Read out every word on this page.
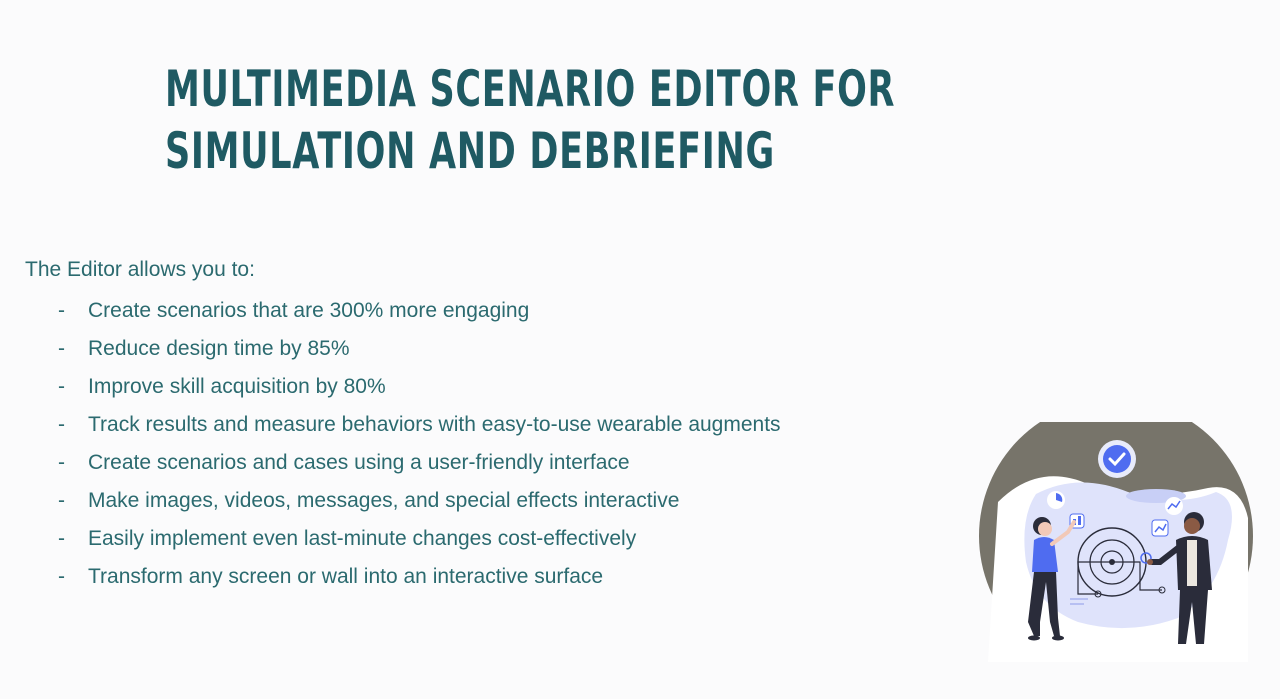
MULTIMEDIA SCENARIO EDITOR FOR
SIMULATION AND DEBRIEFING
The Editor allows you to:
- Create scenarios that are 300% more engaging
- Reduce design time by 85%
- Improve skill acquisition by 80%
- Track results and measure behaviors with easy-to-use wearable augments
- Create scenarios and cases using a user-friendly interface
- Make images, videos, messages, and special effects interactive
- Easily implement even last-minute changes cost-effectively
- Transform any screen or wall into an interactive surface
